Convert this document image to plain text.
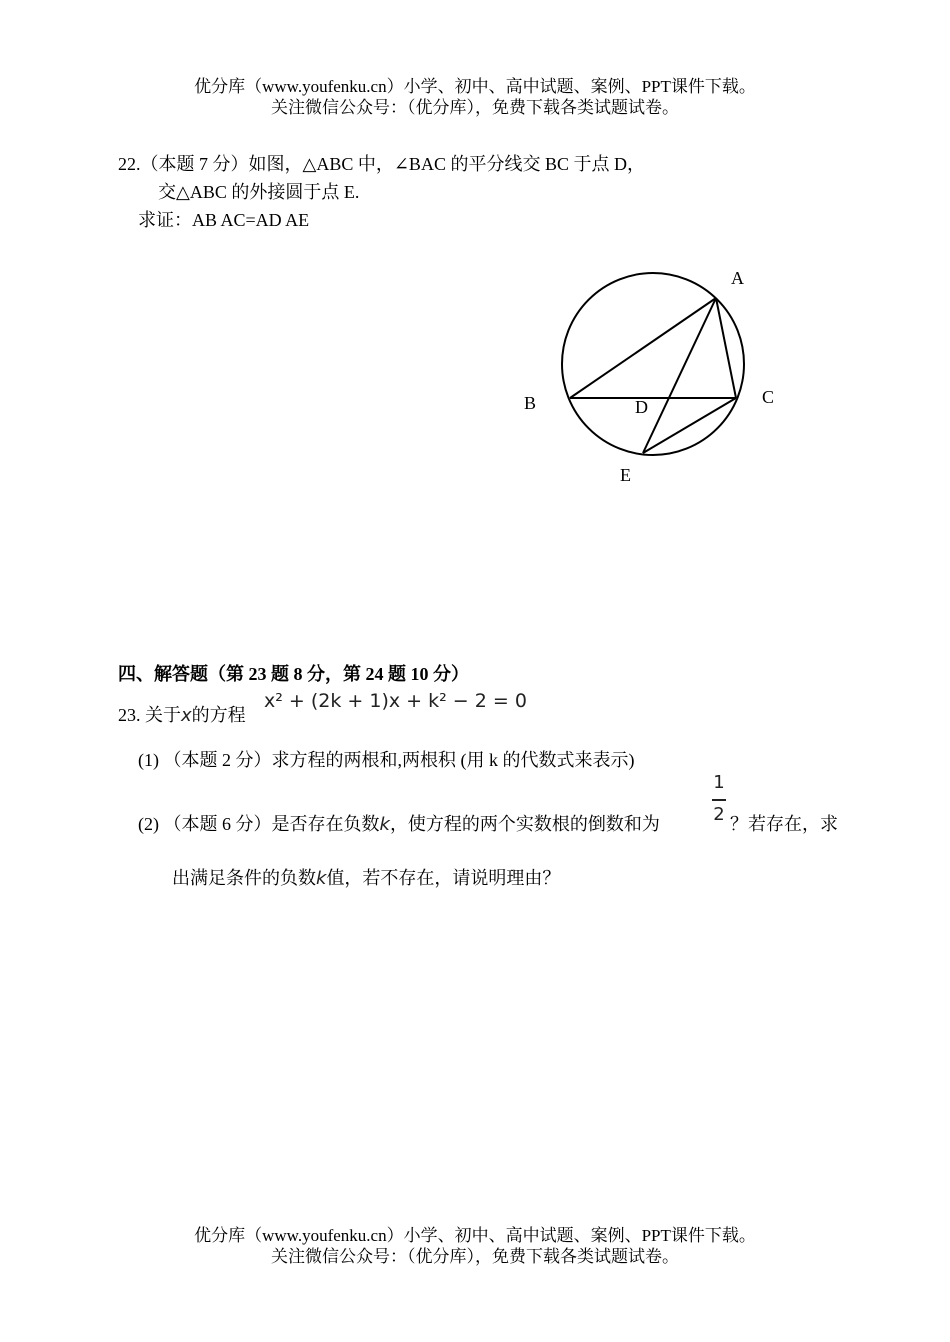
优分库（www.youfenku.cn）小学、初中、高中试题、案例、PPT课件下载。
关注微信公众号：（优分库），免费下载各类试题试卷。
22.（本题 7 分）如图，△ABC 中，∠BAC 的平分线交 BC 于点 D，
交△ABC 的外接圆于点 E.
求证：AB AC=AD AE
A
B	C
D
E
四、解答题（第 23 题 8 分，第 24 题 10 分）
23. 关于x的方程
x² + (2k + 1)x + k² − 2 = 0
(1) （本题 2 分）求方程的两根和,两根积 (用 k 的代数式来表示)
(2) （本题 6 分）是否存在负数k，使方程的两个实数根的倒数和为
1
2 ？若存在，求
出满足条件的负数k值，若不存在，请说明理由？
优分库（www.youfenku.cn）小学、初中、高中试题、案例、PPT课件下载。
关注微信公众号：（优分库），免费下载各类试题试卷。
